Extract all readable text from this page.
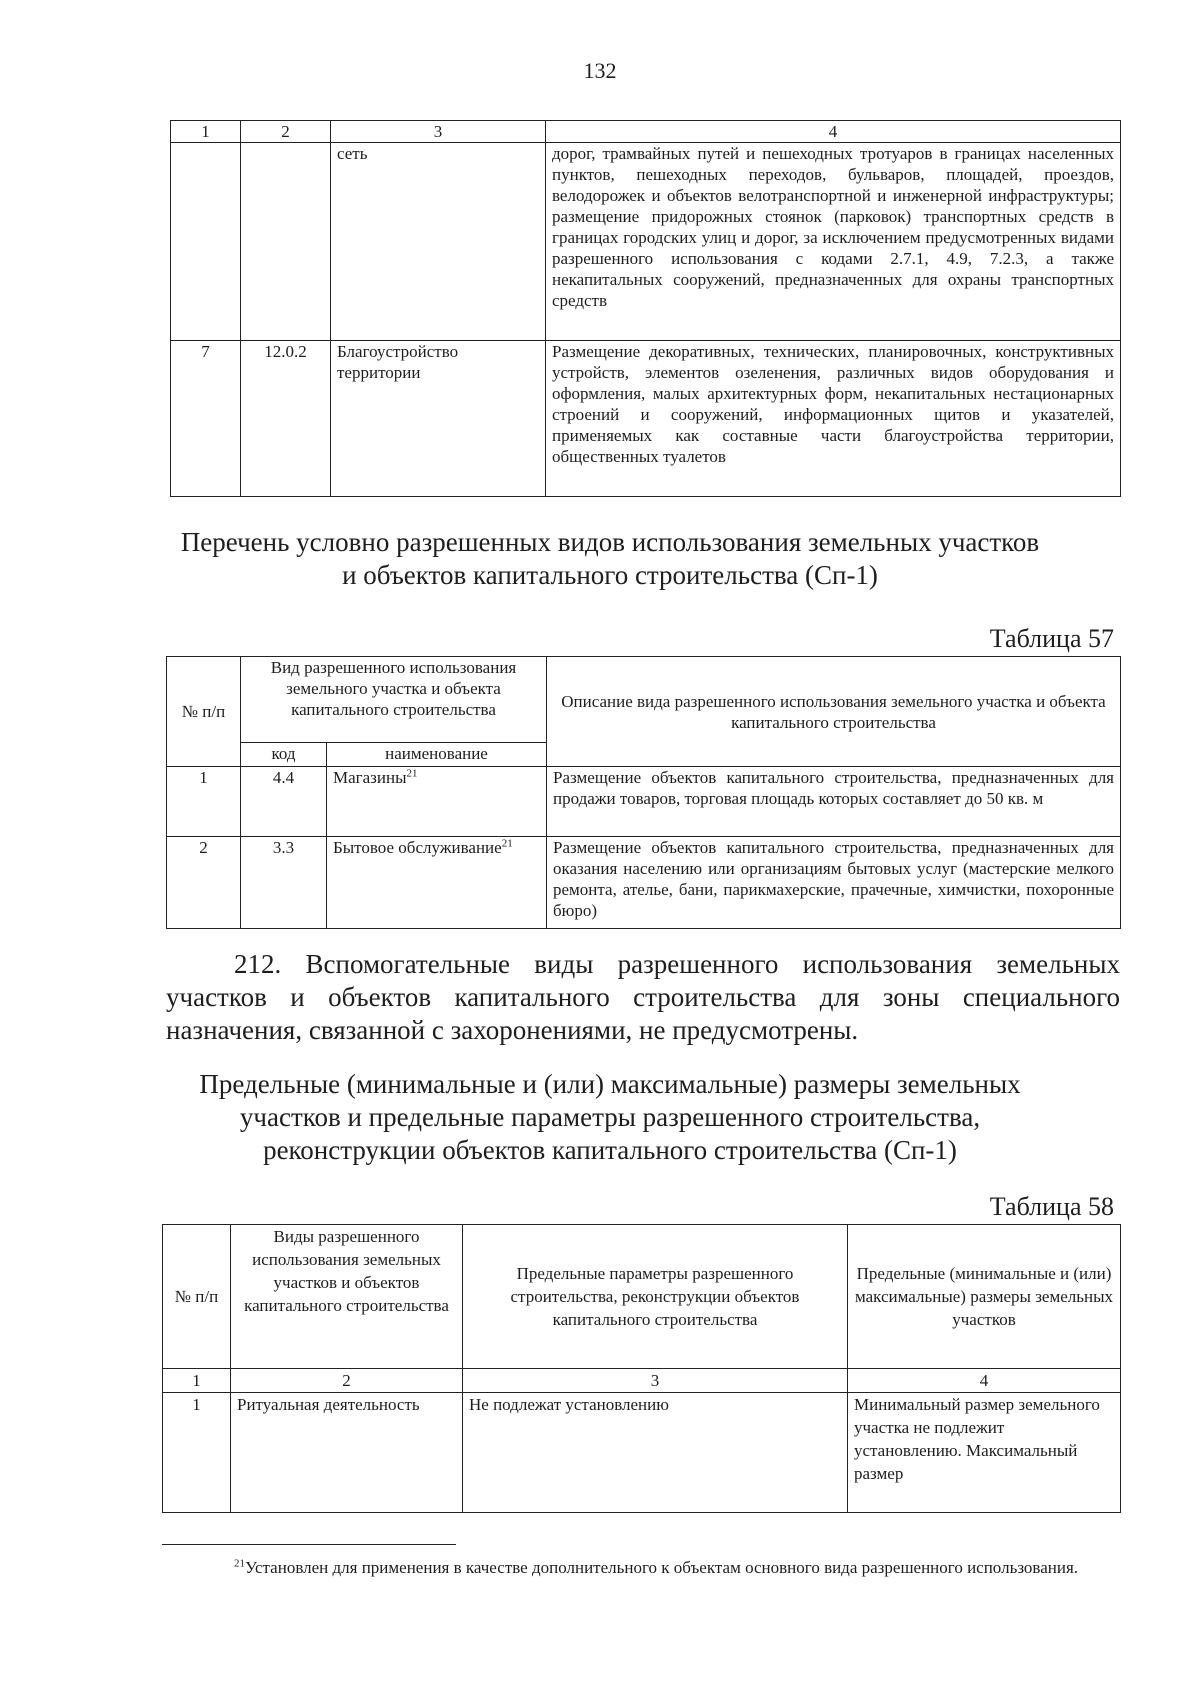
132
1	2	3	4
		сеть	дорог, трамвайных путей и пешеходных тротуаров в границах населенных пунктов, пешеходных переходов, бульваров, площадей, проездов, велодорожек и объектов велотранспортной и инженерной инфраструктуры; размещение придорожных стоянок (парковок) транспортных средств в границах городских улиц и дорог, за исключением предусмотренных видами разрешенного использования с кодами 2.7.1, 4.9, 7.2.3, а также некапитальных сооружений, предназначенных для охраны транспортных средств
7	12.0.2	Благоустройство территории	Размещение декоративных, технических, планировочных, конструктивных устройств, элементов озеленения, различных видов оборудования и оформления, малых архитектурных форм, некапитальных нестационарных строений и сооружений, информационных щитов и указателей, применяемых как составные части благоустройства территории, общественных туалетов
Перечень условно разрешенных видов использования земельных участков
и объектов капитального строительства (Сп-1)
Таблица 57
№ п/п	Вид разрешенного использования земельного участка и объекта капитального строительства		Описание вида разрешенного использования земельного участка и объекта капитального строительства
	код	наименование	
1	4.4	Магазины$^{21}$	Размещение объектов капитального строительства, предназначенных для продажи товаров, торговая площадь которых составляет до 50 кв. м
2	3.3	Бытовое обслуживание$^{21}$	Размещение объектов капитального строительства, предназначенных для оказания населению или организациям бытовых услуг (мастерские мелкого ремонта, ателье, бани, парикмахерские, прачечные, химчистки, похоронные бюро)
212. Вспомогательные виды разрешенного использования земельных участков и объектов капитального строительства для зоны специального назначения, связанной с захоронениями, не предусмотрены.
Предельные (минимальные и (или) максимальные) размеры земельных
участков и предельные параметры разрешенного строительства,
реконструкции объектов капитального строительства (Сп-1)
Таблица 58
№ п/п	Виды разрешенного использования земельных участков и объектов капитального строительства	Предельные параметры разрешенного строительства, реконструкции объектов капитального строительства	Предельные (минимальные и (или) максимальные) размеры земельных участков
1	2	3	4
1	Ритуальная деятельность	Не подлежат установлению	Минимальный размер земельного участка не подлежит установлению. Максимальный размер
$^{21}$Установлен для применения в качестве дополнительного к объектам основного вида разрешенного использования.
